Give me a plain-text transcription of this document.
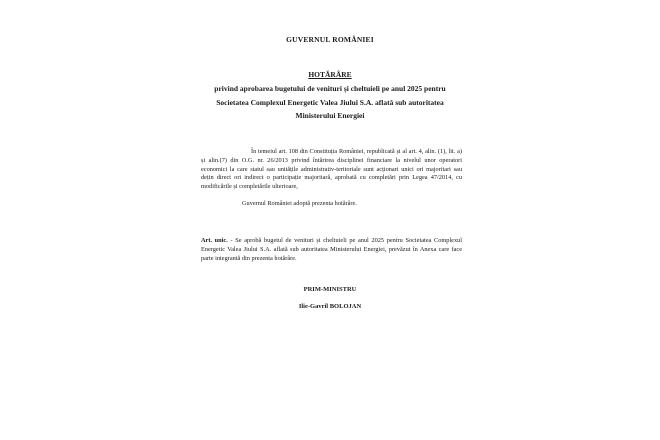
GUVERNUL ROMÂNIEI
HOTĂRÂRE
privind aprobarea bugetului de venituri și cheltuieli pe anul 2025 pentru
Societatea Complexul Energetic Valea Jiului S.A. aflată sub autoritatea
Ministerului Energiei
În temeiul art. 108 din Constituția României, republicată și al art. 4, alin. (1), lit. a) și alin.(7) din O.G. nr. 26/2013 privind întărirea disciplinei financiare la nivelul unor operatori economici la care statul sau unitățile administrativ-teritoriale sunt acționari unici ori majoritari sau dețin direct ori indirect o participație majoritară, aprobată cu completări prin Legea 47/2014, cu modificările și completările ulterioare,
Guvernul României adoptă prezenta hotărâre.
Art. unic. - Se aprobă bugetul de venituri și cheltuieli pe anul 2025 pentru Societatea Complexul Energetic Valea Jiului S.A. aflată sub autoritatea Ministerului Energiei, prevăzut în Anexa care face parte integrantă din prezenta hotărâre.
PRIM-MINISTRU
Ilie-Gavril BOLOJAN
